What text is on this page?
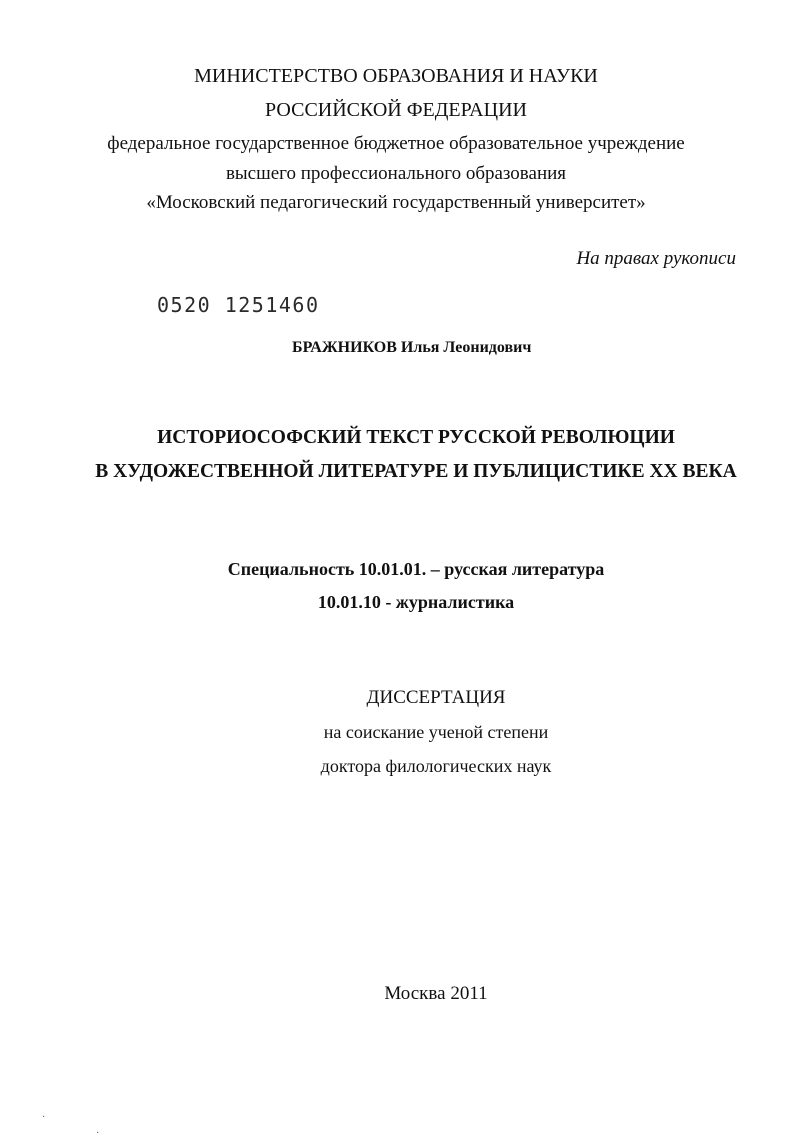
МИНИСТЕРСТВО ОБРАЗОВАНИЯ И НАУКИ
РОССИЙСКОЙ ФЕДЕРАЦИИ
федеральное государственное бюджетное образовательное учреждение
высшего профессионального образования
«Московский педагогический государственный университет»
На правах рукописи
0520 1251460
БРАЖНИКОВ Илья Леонидович
ИСТОРИОСОФСКИЙ ТЕКСТ РУССКОЙ РЕВОЛЮЦИИ
В ХУДОЖЕСТВЕННОЙ ЛИТЕРАТУРЕ И ПУБЛИЦИСТИКЕ XX ВЕКА
Специальность 10.01.01. – русская литература
10.01.10 - журналистика
ДИССЕРТАЦИЯ
на соискание ученой степени
доктора филологических наук
Москва 2011
·
·
